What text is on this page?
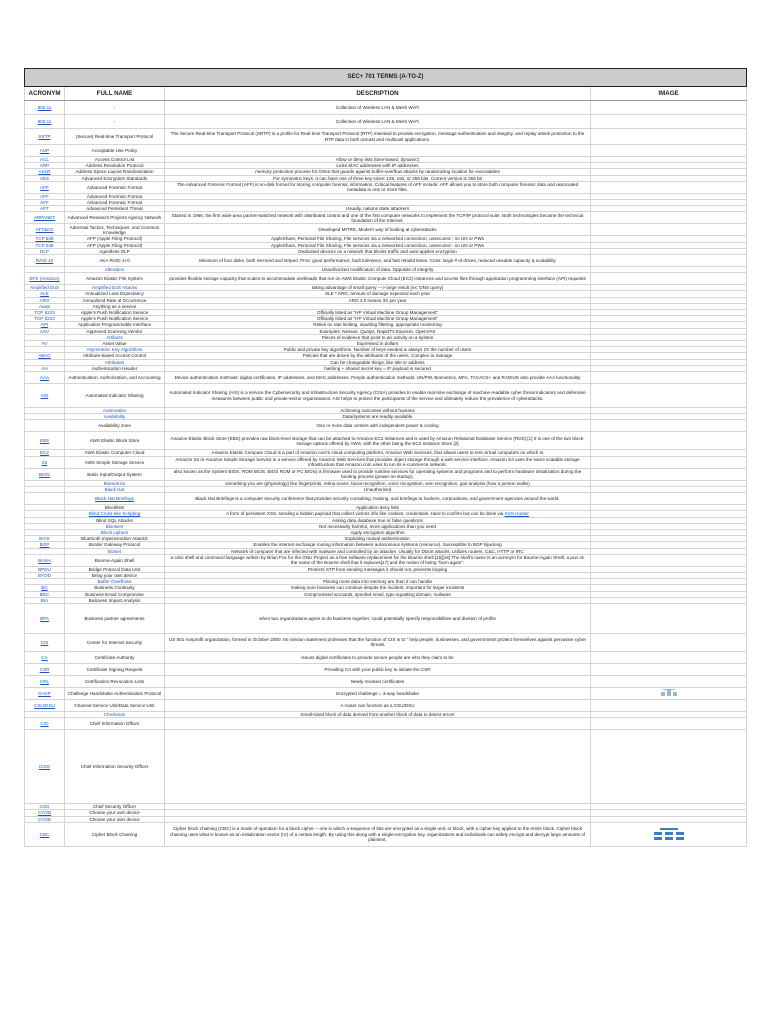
SEC+ 701 TERMS (A-TO-Z)			
ACRONYM	FULL NAME	DESCRIPTION	IMAGE
802.11	-	Collection of Wireless LAN & Mesh Wi-Fi	
802.11	-	Collection of Wireless LAN & Mesh Wi-Fi	
SRTP	(Secure) Real-time Transport Protocol	The Secure Real-time Transport Protocol (SRTP) is a profile for Real-time Transport Protocol (RTP) intended to provide encryption, message authentication and integrity, and replay attack protection to the RTP data in both unicast and multicast applications.	
AUP	Acceptable Use Policy		
ACL	Access Control List	Allow or deny lists (time-based, dynamic)	
ARP	Address Resolution Protocol	Links MAC addresses with IP addresses	
ASLR	Address Space Layout Randomization	memory protection process for OSes that guards against buffer-overflow attacks by randomizing location for executables	
AES	Advanced Encryption Standards	For symmetric keys. It can have one of three key sizes: 128, 192, or 256 bits. Current version is 256 bit	
AFF	Advanced Forensic Format	The Advanced Forensic Format (AFF) is on-disk format for storing computer forensic information. Critical features of AFF include: AFF allows you to store both computer forensic data and associated metadata in one or more files.	
AFF	Advanced Forensic Format		
AFF	Advanced Forensic Format		
APT	Advanced Persistent Threat	Usually, nations state attackers	
ARPANET	Advanced Research Projects Agency Network	Started in 1966, the first wide-area packet-switched network with distributed control and one of the first computer networks to implement the TCP/IP protocol suite. Both technologies became the technical foundation of the Internet.	
ATT&CK	Adversial Tactics, Techniques, and Common Knowledge	Developed MITRE, Modern way of looking at cyberattacks	
TCP 548	AFP (Apple Filing Protocol)	AppleShare, Personal File Sharing, File services via a networked connection, unsecured - no UN or PWs	
TCP 548	AFP (Apple Filing Protocol)	AppleShare, Personal File Sharing, File services via a networked connection, unsecured - no UN or PWs	
DLP	Agentless DLP	Dedicated devices on a network that blocks traffic and auto-applies encryption	
RAID 10	AKA RAID 1+0	Minimum of four disks, both mirrored and striped. Pros: good performance, fault tolerance, and fast rebuild times. Cons: large # of drives, reduced useable capacity & scalability	
	Alteration	Unauthorized modification of data. Opposite of integrity	
EFS (Amazon)	Amazon Elastic File System	provides flexible storage capacity that scales to accommodate workloads that run on AWS Elastic Compute Cloud (EC2) instances and access files through application programming interface (API) requests	
Amplified DoS	Amplified DoS Attacks	taking advantage of small query ---> large result (ex: DNS query)	
ALE	Annualized Loss Expectancy	SLE * ARO, amount of damage expected each year	
ARO	Annualized Rate of Occurrence	ARO 3.0 means 3X per year	
AaaS	Anything as a service		
TCP 5223	Apple's Push Notification Service	Officially listed as "HP Virtual Machine Group Management"	
TCP 5223	Apple's Push Notification Service	Officially listed as "HP Virtual Machine Group Management"	
API	Application Programmable Interface	Relies on rate limiting, inputting filtering, appropriate monitoring	
ASV	Approved Scanning Vendor	Examples: Nessus, Qualys, Rapid7's Exposre, OpenVAS	
	Artifacts	Pieces of evidence that point to an activity on a system	
AV	Asset Value	Expressed in dollars	
	Asymmetric Key Algorithms	Public and private key algorithms. Number of keys needed is always 2X the number of users	
ABAC	Attribute-based Access Control	Policies that are driven by the attributes of the users. Complex to manage	
	Attributes	Can be changeable things, like title or address	
AH	Authentication Header	hashing + shared secret key = IP payload is secured	
AAA	Authentication, Authorization, and Accounting	Device authentication methods: digital certificates, IP addresses, and MAC addresses. People authentication methods: UN/PW, Biometrics, MFA. TACACS+ and RADIUS also provide AAA functionality	
AIS	Automated Indicator Sharing	Automated Indicator Sharing (AIS) is a service the Cybersecurity and Infrastructure Security Agency (CISA) provides to enable real-time exchange of machine-readable cyber threat indicators and defensive measures between public and private-sector organizations. AIS helps to protect the participants of the service and ultimately reduce the prevalence of cyberattacks.	
	Automation	Achieving outcomes without humans	
	Availability	Data/systems are readily available	
	Availability zone	One or more data centers with independent power & cooling	
EBS	AWS Elastic Block Store	Amazon Elastic Block Store (EBS) provides raw block-level storage that can be attached to Amazon EC2 instances and is used by Amazon Relational Database Service (RDS).[1] It is one of the two block-storage options offered by AWS, with the other being the EC2 Instance Store.[2]	
EC2	AWS Elastic Computer Cloud	Amazon Elastic Compute Cloud is a part of Amazon.com's cloud-computing platform, Amazon Web Services, that allows users to rent virtual computers on which to	
S3	AWS Simple Storage Service	Amazon S3 or Amazon Simple Storage Service is a service offered by Amazon Web Services that provides object storage through a web service interface. Amazon S3 uses the same scalable storage infrastructure that Amazon.com uses to run its e-commerce network.	
BIOS	Basic Input/Output System	also known as the System BIOS, ROM BIOS, BIOS ROM or PC BIOS) is firmware used to provide runtime services for operating systems and programs and to perform hardware initialization during the booting process (power-on startup).	
	Biometrics	something you are (physiology) like fingerprints, retina scans, facial recognition, voice recognition, vein recognition, gait analysis (how a person walks)	
	Black Hat	Unauthorized	
	Black Hat Briefings	Black Hat Briefings is a computer security conference that provides security consulting, training, and briefings to hackers, corporations, and government agencies around the world.	
	Blocklists	Application deny lists	
	Blind Cross-site Scripting	A form of persistent XSS, sending a hidden payload that collect victims info like cookies, credentials. Hard to confirm but can be done via XSS Hunter	
	Blind SQL Attacks	Asking data database true or false questions	
	Blockers	Not necessarily harmful, more applications than you need	
	Block ciphers	Apply encryption algorithm	
BIAS	Bluetooth Impersonation AttackS	Exploiting mutual authentication	
BGP	Border Gateway Protocol	Enables the internet exchange routing information between autonomous systems (resource). Susceptible to BGP hijacking	
	Botnet	Network of computer that are infected with malware and controlled by an attacker. Usually for DDoS attacks. Utilizes routers, C&C, HTTP or IRC	
BASH	Bourne-Again Shell	a Unix shell and command language written by Brian Fox for the GNU Project as a free software replacement for the Bourne shell.[15][16] The shell's name is an acronym for Bourne-Again SHell, a pun on the name of the Bourne shell that it replaces[17] and the notion of being "born again".	
BPDU	Bridge Protocol Data Unit	Protects STP from sending messages it should not, prevents looping	
BYOD	Bring your own device		
	Buffer Overflows	Placing more data into memory are than it can handle	
BC	Business Continuity	making sure business can continue despite the incident, important for larger incidents	
BEC	Business Email Compromise	Compromised accounts, spoofed email, typo squatting domain, malware	
BIA	Business Impact Analysis		
BPA	Business partner agreements	when two organizations agree to do business together, could potentially specify responsibilities and division of profits	
CIS	Center for Internet Security	US 501 nonprofit organization, formed in October 2000. Its mission statement professes that the function of CIS is to " help people, businesses, and governments protect themselves against pervasive cyber threats	
CA	Certificate Authority	issues digital certificates to provide secure people are who they claim to be	
CSR	Certificate Signing Request	Providing CA with your public key to initiate the CSR	
CRL	Certification Revocation Lists	Newly revoked certificates	
CHAP	Challenge Handshake Authentication Protocol	Encrypted challenge = 3-way handshake	

CSU/DSU	Channel Service Unit/Data Service Unit	A router can function as a CSU/DSU	
	Checksum	Small-sized block of data derived from another block of data to detect errors	
CIO	Chief Information Officer		
CISO	Chief Information Security Officer		
CSO	Chief Security Officer		
CYOD	Choose your own device		
CYOD	Choose your own device		
CBC	Cipher Block Chaining	Cipher block chaining (CBC) is a mode of operation for a block cipher -- one in which a sequence of bits are encrypted as a single unit, or block, with a cipher key applied to the entire block. Cipher block chaining uses what is known as an initialization vector (IV) of a certain length. By using this along with a single-encryption key, organizations and individuals can safely encrypt and decrypt large amounts of plaintext.	
